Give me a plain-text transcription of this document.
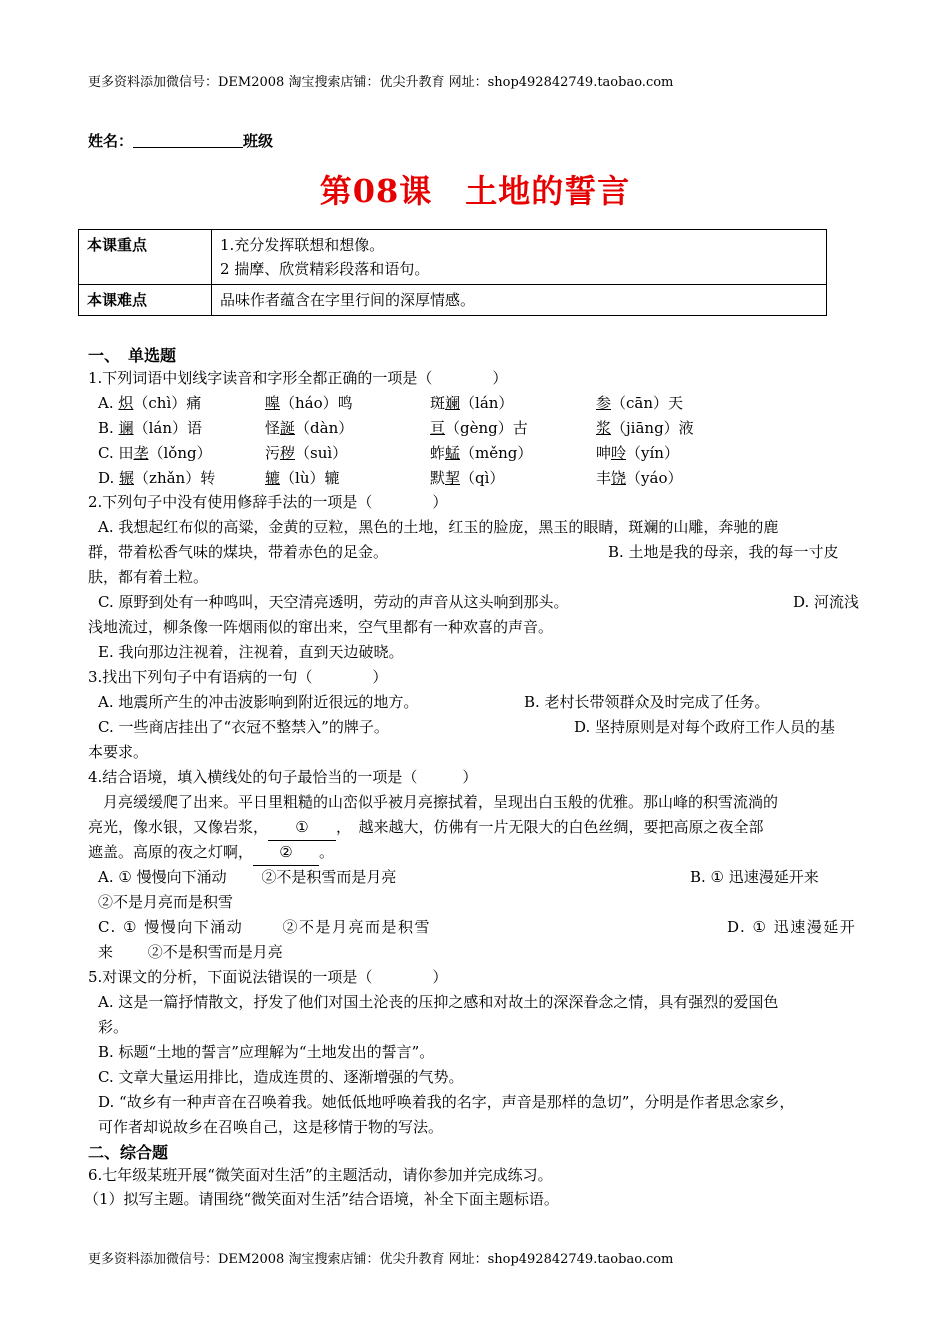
更多资料添加微信号：DEM2008 淘宝搜索店铺：优尖升教育 网址：shop492842749.taobao.com
姓名：	班级
第08课　土地的誓言
本课重点	1.充分发挥联想和想像。
2 揣摩、欣赏精彩段落和语句。

本课难点	品味作者蕴含在字里行间的深厚情感。
一、　单选题
1.下列词语中划线字读音和字形全都正确的一项是（　　　　）
A. 炽（chì）痛	嗥（háo）鸣	斑斓（lán）	参（cān）天
B. 谰（lán）语	怪誕（dàn）	亘（gèng）古	浆（jiāng）液
C. 田垄（lǒng）	污秽（suì）	蚱蜢（měng）	呻呤（yín）
D. 辗（zhǎn）转	辘（lù）辘	默挈（qì）	丰饶（yáo）
2.下列句子中没有使用修辞手法的一项是（　　　　）
A. 我想起红布似的高粱，金黄的豆粒，黑色的土地，红玉的脸庞，黑玉的眼睛，斑斓的山雕，奔驰的鹿
群，带着松香气味的煤块，带着赤色的足金。	B. 土地是我的母亲，我的每一寸皮
肤，都有着土粒。
C. 原野到处有一种鸣叫，天空清亮透明，劳动的声音从这头响到那头。	D. 河流浅
浅地流过，柳条像一阵烟雨似的窜出来，空气里都有一种欢喜的声音。
E. 我向那边注视着，注视着，直到天边破晓。
3.找出下列句子中有语病的一句（　　　　）
A. 地震所产生的冲击波影响到附近很远的地方。	B. 老村长带领群众及时完成了任务。
C. 一些商店挂出了“衣冠不整禁入”的牌子。	D. 坚持原则是对每个政府工作人员的基
本要求。
4.结合语境，填入横线处的句子最恰当的一项是（　　　）
　月亮缓缓爬了出来。平日里粗糙的山峦似乎被月亮擦拭着，呈现出白玉般的优雅。那山峰的积雪流淌的
亮光，像水银，又像岩浆， ① ，　越来越大，仿佛有一片无限大的白色丝绸，要把高原之夜全部
遮盖。高原的夜之灯啊， ② 。
A. ① 慢慢向下涌动　　 ②不是积雪而是月亮	B. ① 迅速漫延开来
②不是月亮而是积雪
C. ① 慢慢向下涌动　　 ②不是月亮而是积雪	D. ① 迅速漫延开
来　　 ②不是积雪而是月亮
5.对课文的分析，下面说法错误的一项是（　　　　）
A. 这是一篇抒情散文，抒发了他们对国土沦丧的压抑之感和对故土的深深眷念之情，具有强烈的爱国色
彩。
B. 标题“土地的誓言”应理解为“土地发出的誓言”。
C. 文章大量运用排比，造成连贯的、逐渐增强的气势。
D. “故乡有一种声音在召唤着我。她低低地呼唤着我的名字，声音是那样的急切”，分明是作者思念家乡，
可作者却说故乡在召唤自己，这是移情于物的写法。
二、综合题
6.七年级某班开展“微笑面对生活”的主题活动，请你参加并完成练习。
（1）拟写主题。请围绕“微笑面对生活”结合语境，补全下面主题标语。
更多资料添加微信号：DEM2008 淘宝搜索店铺：优尖升教育 网址：shop492842749.taobao.com
